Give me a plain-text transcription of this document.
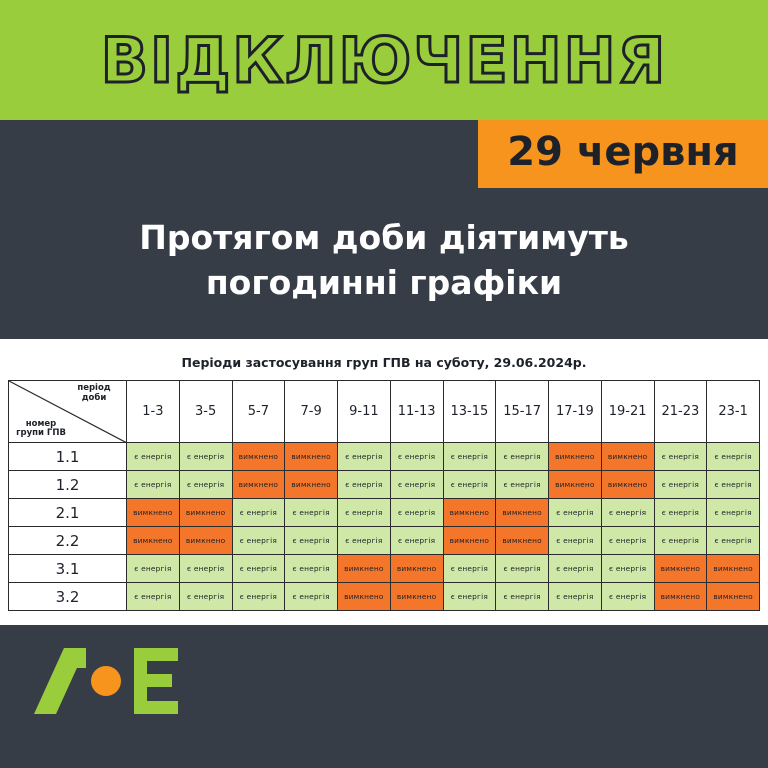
ВІДКЛЮЧЕННЯ
29 червня
Протягом доби діятимуть
погодинні графіки
Періоди застосування груп ГПВ на суботу, 29.06.2024р.
період
доби
номер
групи ГПВ	1-3	3-5	5-7	7-9	9-11	11-13	13-15	15-17	17-19	19-21	21-23	23-1
1.1	є енергія	є енергія	вимкнено	вимкнено	є енергія	є енергія	є енергія	є енергія	вимкнено	вимкнено	є енергія	є енергія
1.2	є енергія	є енергія	вимкнено	вимкнено	є енергія	є енергія	є енергія	є енергія	вимкнено	вимкнено	є енергія	є енергія
2.1	вимкнено	вимкнено	є енергія	є енергія	є енергія	є енергія	вимкнено	вимкнено	є енергія	є енергія	є енергія	є енергія
2.2	вимкнено	вимкнено	є енергія	є енергія	є енергія	є енергія	вимкнено	вимкнено	є енергія	є енергія	є енергія	є енергія
3.1	є енергія	є енергія	є енергія	є енергія	вимкнено	вимкнено	є енергія	є енергія	є енергія	є енергія	вимкнено	вимкнено
3.2	є енергія	є енергія	є енергія	є енергія	вимкнено	вимкнено	є енергія	є енергія	є енергія	є енергія	вимкнено	вимкнено
